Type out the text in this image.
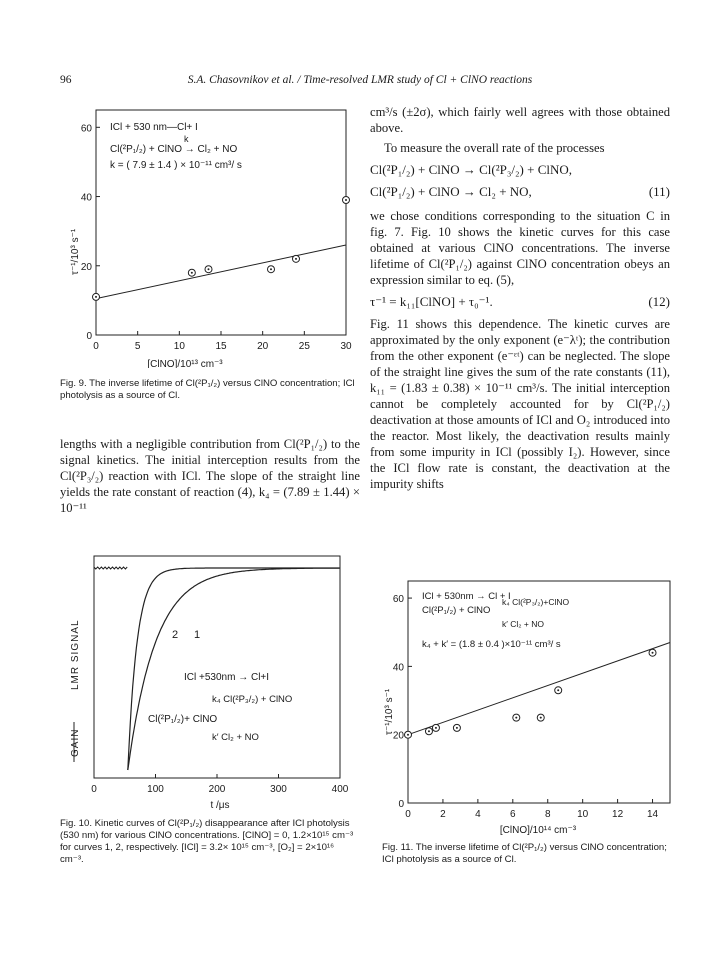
96	S.A. Chasovnikov et al. / Time-resolved LMR study of Cl + ClNO reactions
0	5	10	15	20	25	30
0
20
40
60 ICl + 530 nm—Cl+ I
Cl(²P₁/₂) + ClNO → Cl₂ + NO
k
k = ( 7.9 ± 1.4 ) × 10⁻¹¹ cm³/ s
τ⁻¹/10³ s⁻¹
[ClNO]/10¹³ cm⁻³
Fig. 9. The inverse lifetime of Cl(²P₁/₂) versus ClNO concentration; ICl photolysis as a source of Cl.

lengths with a negligible contribution from Cl(²P₁/₂) to the signal kinetics. The initial interception results from the Cl(²P₃/₂) reaction with ICl. The slope of the straight line yields the rate constant of reaction (4), k₄ = (7.89 ± 1.44) × 10⁻¹¹

0	100	200	300	400
LMR SIGNAL
GAIN
ICl +530nm → Cl+I
Cl(²P₁/₂)+ ClNO
k₄ Cl(²P₃/₂) + ClNO
k′ Cl₂ + NO
2 1
t /μs
Fig. 10. Kinetic curves of Cl(²P₁/₂) disappearance after ICl photolysis (530 nm) for various ClNO concentrations. [ClNO] = 0, 1.2×10¹⁵ cm⁻³ for curves 1, 2, respectively. [ICl] = 3.2× 10¹⁵ cm⁻³, [O₂] = 2×10¹⁶ cm⁻³.

cm³/s (±2σ), which fairly well agrees with those obtained above.

To measure the overall rate of the processes

Cl(²P₁/₂) + ClNO → Cl(²P₃/₂) + ClNO,
Cl(²P₁/₂) + ClNO → Cl₂ + NO,	(11)

we chose conditions corresponding to the situation C in fig. 7. Fig. 10 shows the kinetic curves for this case obtained at various ClNO concentrations. The inverse lifetime of Cl(²P₁/₂) against ClNO concentration obeys an expression similar to eq. (5),

τ⁻¹ = k₁₁[ClNO] + τ₀⁻¹.	(12)

Fig. 11 shows this dependence. The kinetic curves are approximated by the only exponent (e⁻λᵗ); the contribution from the other exponent (e⁻ᵋᵗ) can be neglected. The slope of the straight line gives the sum of the rate constants (11), k₁₁ = (1.83 ± 0.38) × 10⁻¹¹ cm³/s. The initial interception cannot be completely accounted for by Cl(²P₁/₂) deactivation at those amounts of ICl and O₂ introduced into the reactor. Most likely, the deactivation results mainly from some impurity in ICl (possibly I₂). However, since the ICl flow rate is constant, the deactivation at the impurity shifts

0	2	4	6	8	10 12 14
0
20
40
60 ICl + 530nm → Cl + I
Cl(²P₁/₂) + ClNO
k₄ Cl(²P₃/₂)+ClNO
k′ Cl₂ + NO
k₄ + k′ = (1.8 ± 0.4 )×10⁻¹¹ cm³/ s
τ⁻¹/10³ s⁻¹
[ClNO]/10¹⁴ cm⁻³
Fig. 11. The inverse lifetime of Cl(²P₁/₂) versus ClNO concentration; ICl photolysis as a source of Cl.
